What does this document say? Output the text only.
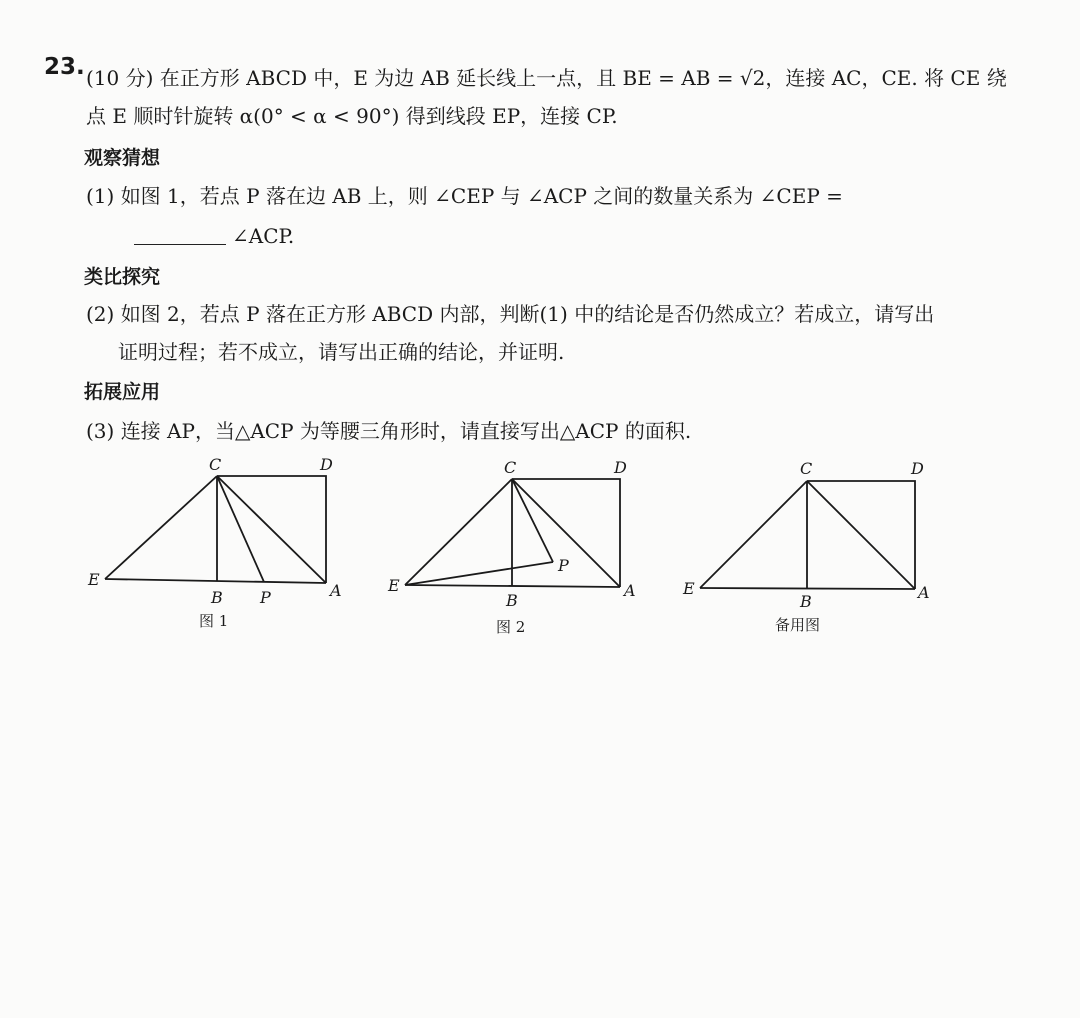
23. (10 分) 在正方形 ABCD 中，E 为边 AB 延长线上一点，且 BE = AB = √2，连接 AC，CE. 将 CE 绕
点 E 顺时针旋转 α(0° < α < 90°) 得到线段 EP，连接 CP.
观察猜想
(1) 如图 1，若点 P 落在边 AB 上，则 ∠CEP 与 ∠ACP 之间的数量关系为 ∠CEP =
∠ACP.
类比探究
(2) 如图 2，若点 P 落在正方形 ABCD 内部，判断(1) 中的结论是否仍然成立？若成立，请写出
证明过程；若不成立，请写出正确的结论，并证明.
拓展应用
(3) 连接 AP，当△ACP 为等腰三角形时，请直接写出△ACP 的面积.
C	D
E
B P	A
图 1
C	D
E
B
P
A
图 2
C	D
E
B	A
备用图
